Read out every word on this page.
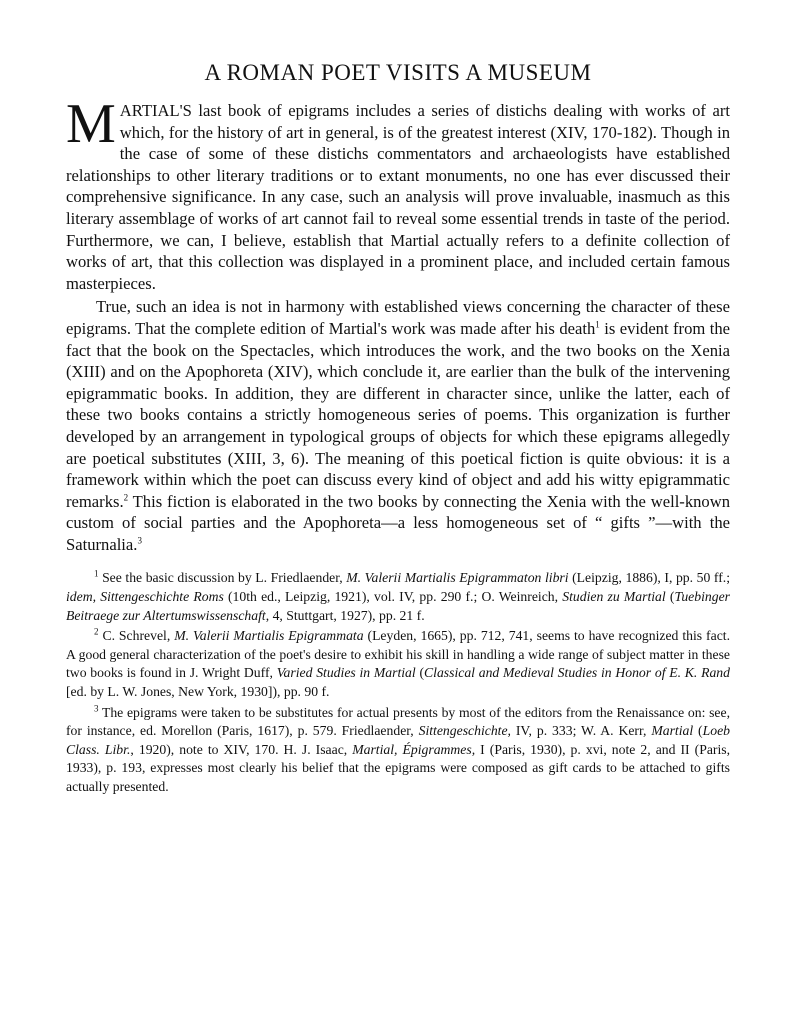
A ROMAN POET VISITS A MUSEUM

MARTIAL'S last book of epigrams includes a series of distichs dealing with works of art which, for the history of art in general, is of the greatest interest (XIV, 170-182). Though in the case of some of these distichs commentators and archaeologists have established relationships to other literary traditions or to extant monuments, no one has ever discussed their comprehensive significance. In any case, such an analysis will prove invaluable, inasmuch as this literary assemblage of works of art cannot fail to reveal some essential trends in taste of the period. Furthermore, we can, I believe, establish that Martial actually refers to a definite collection of works of art, that this collection was displayed in a prominent place, and included certain famous masterpieces.

True, such an idea is not in harmony with established views concerning the character of these epigrams. That the complete edition of Martial's work was made after his death$^1$ is evident from the fact that the book on the Spectacles, which introduces the work, and the two books on the Xenia (XIII) and on the Apophoreta (XIV), which conclude it, are earlier than the bulk of the intervening epigrammatic books. In addition, they are different in character since, unlike the latter, each of these two books contains a strictly homogeneous series of poems. This organization is further developed by an arrangement in typological groups of objects for which these epigrams allegedly are poetical substitutes (XIII, 3, 6). The meaning of this poetical fiction is quite obvious: it is a framework within which the poet can discuss every kind of object and add his witty epigrammatic remarks.$^2$ This fiction is elaborated in the two books by connecting the Xenia with the well-known custom of social parties and the Apophoreta—a less homogeneous set of “ gifts ”—with the Saturnalia.$^3$

$^1$ See the basic discussion by L. Friedlaender, M. Valerii Martialis Epigrammaton libri (Leipzig, 1886), I, pp. 50 ff.; idem, Sittengeschichte Roms (10th ed., Leipzig, 1921), vol. IV, pp. 290 f.; O. Weinreich, Studien zu Martial (Tuebinger Beitraege zur Altertumswissenschaft, 4, Stuttgart, 1927), pp. 21 f.

$^2$ C. Schrevel, M. Valerii Martialis Epigrammata (Leyden, 1665), pp. 712, 741, seems to have recognized this fact. A good general characterization of the poet's desire to exhibit his skill in handling a wide range of subject matter in these two books is found in J. Wright Duff, Varied Studies in Martial (Classical and Medieval Studies in Honor of E. K. Rand [ed. by L. W. Jones, New York, 1930]), pp. 90 f.

$^3$ The epigrams were taken to be substitutes for actual presents by most of the editors from the Renaissance on: see, for instance, ed. Morellon (Paris, 1617), p. 579. Friedlaender, Sittengeschichte, IV, p. 333; W. A. Kerr, Martial (Loeb Class. Libr., 1920), note to XIV, 170. H. J. Isaac, Martial, Épigrammes, I (Paris, 1930), p. xvi, note 2, and II (Paris, 1933), p. 193, expresses most clearly his belief that the epigrams were composed as gift cards to be attached to gifts actually presented.
